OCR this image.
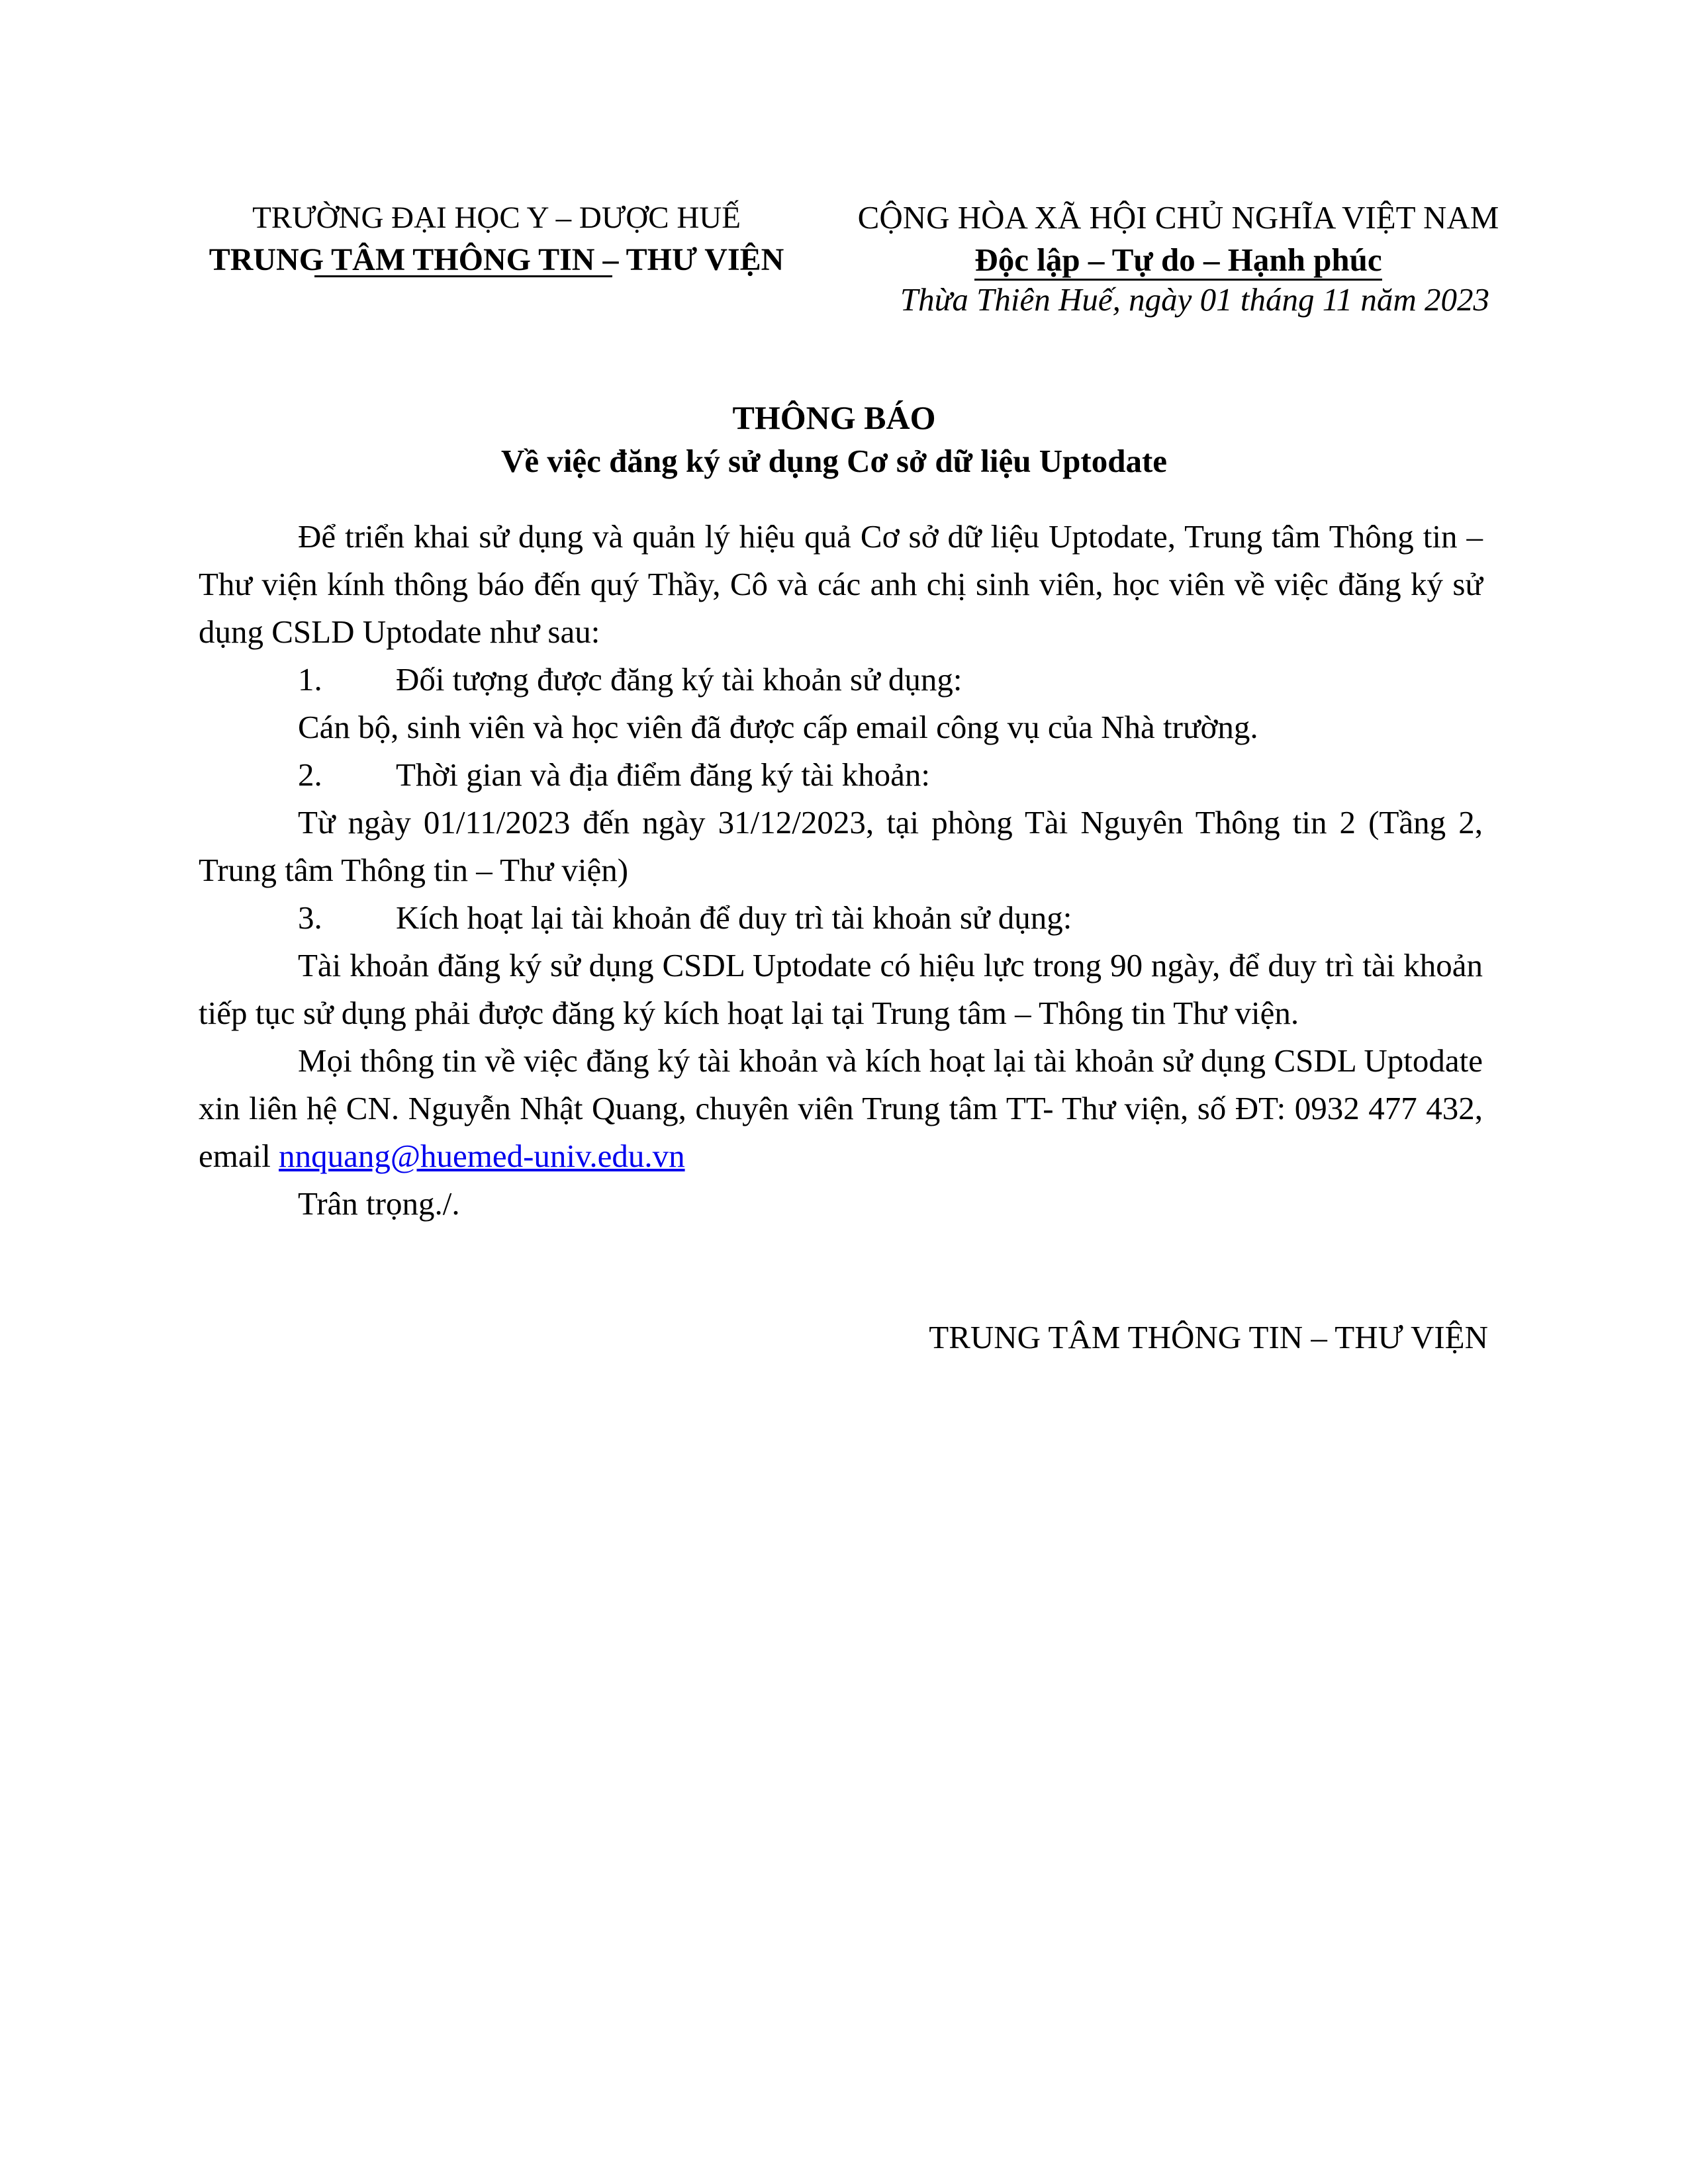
TRƯỜNG ĐẠI HỌC Y – DƯỢC HUẾ
TRUNG TÂM THÔNG TIN – THƯ VIỆN
CỘNG HÒA XÃ HỘI CHỦ NGHĨA VIỆT NAM
Độc lập – Tự do – Hạnh phúc
Thừa Thiên Huế, ngày 01 tháng 11 năm 2023
THÔNG BÁO
Về việc đăng ký sử dụng Cơ sở dữ liệu Uptodate

Để triển khai sử dụng và quản lý hiệu quả Cơ sở dữ liệu Uptodate, Trung tâm Thông tin – Thư viện kính thông báo đến quý Thầy, Cô và các anh chị sinh viên, học viên về việc đăng ký sử dụng CSLD Uptodate như sau:

1. Đối tượng được đăng ký tài khoản sử dụng:

Cán bộ, sinh viên và học viên đã được cấp email công vụ của Nhà trường.

2. Thời gian và địa điểm đăng ký tài khoản:

Từ ngày 01/11/2023 đến ngày 31/12/2023, tại phòng Tài Nguyên Thông tin 2 (Tầng 2, Trung tâm Thông tin – Thư viện)

3. Kích hoạt lại tài khoản để duy trì tài khoản sử dụng:

Tài khoản đăng ký sử dụng CSDL Uptodate có hiệu lực trong 90 ngày, để duy trì tài khoản tiếp tục sử dụng phải được đăng ký kích hoạt lại tại Trung tâm – Thông tin Thư viện.

Mọi thông tin về việc đăng ký tài khoản và kích hoạt lại tài khoản sử dụng CSDL Uptodate xin liên hệ CN. Nguyễn Nhật Quang, chuyên viên Trung tâm TT- Thư viện, số ĐT: 0932 477 432, email nnquang@huemed-univ.edu.vn

Trân trọng./.

TRUNG TÂM THÔNG TIN – THƯ VIỆN
